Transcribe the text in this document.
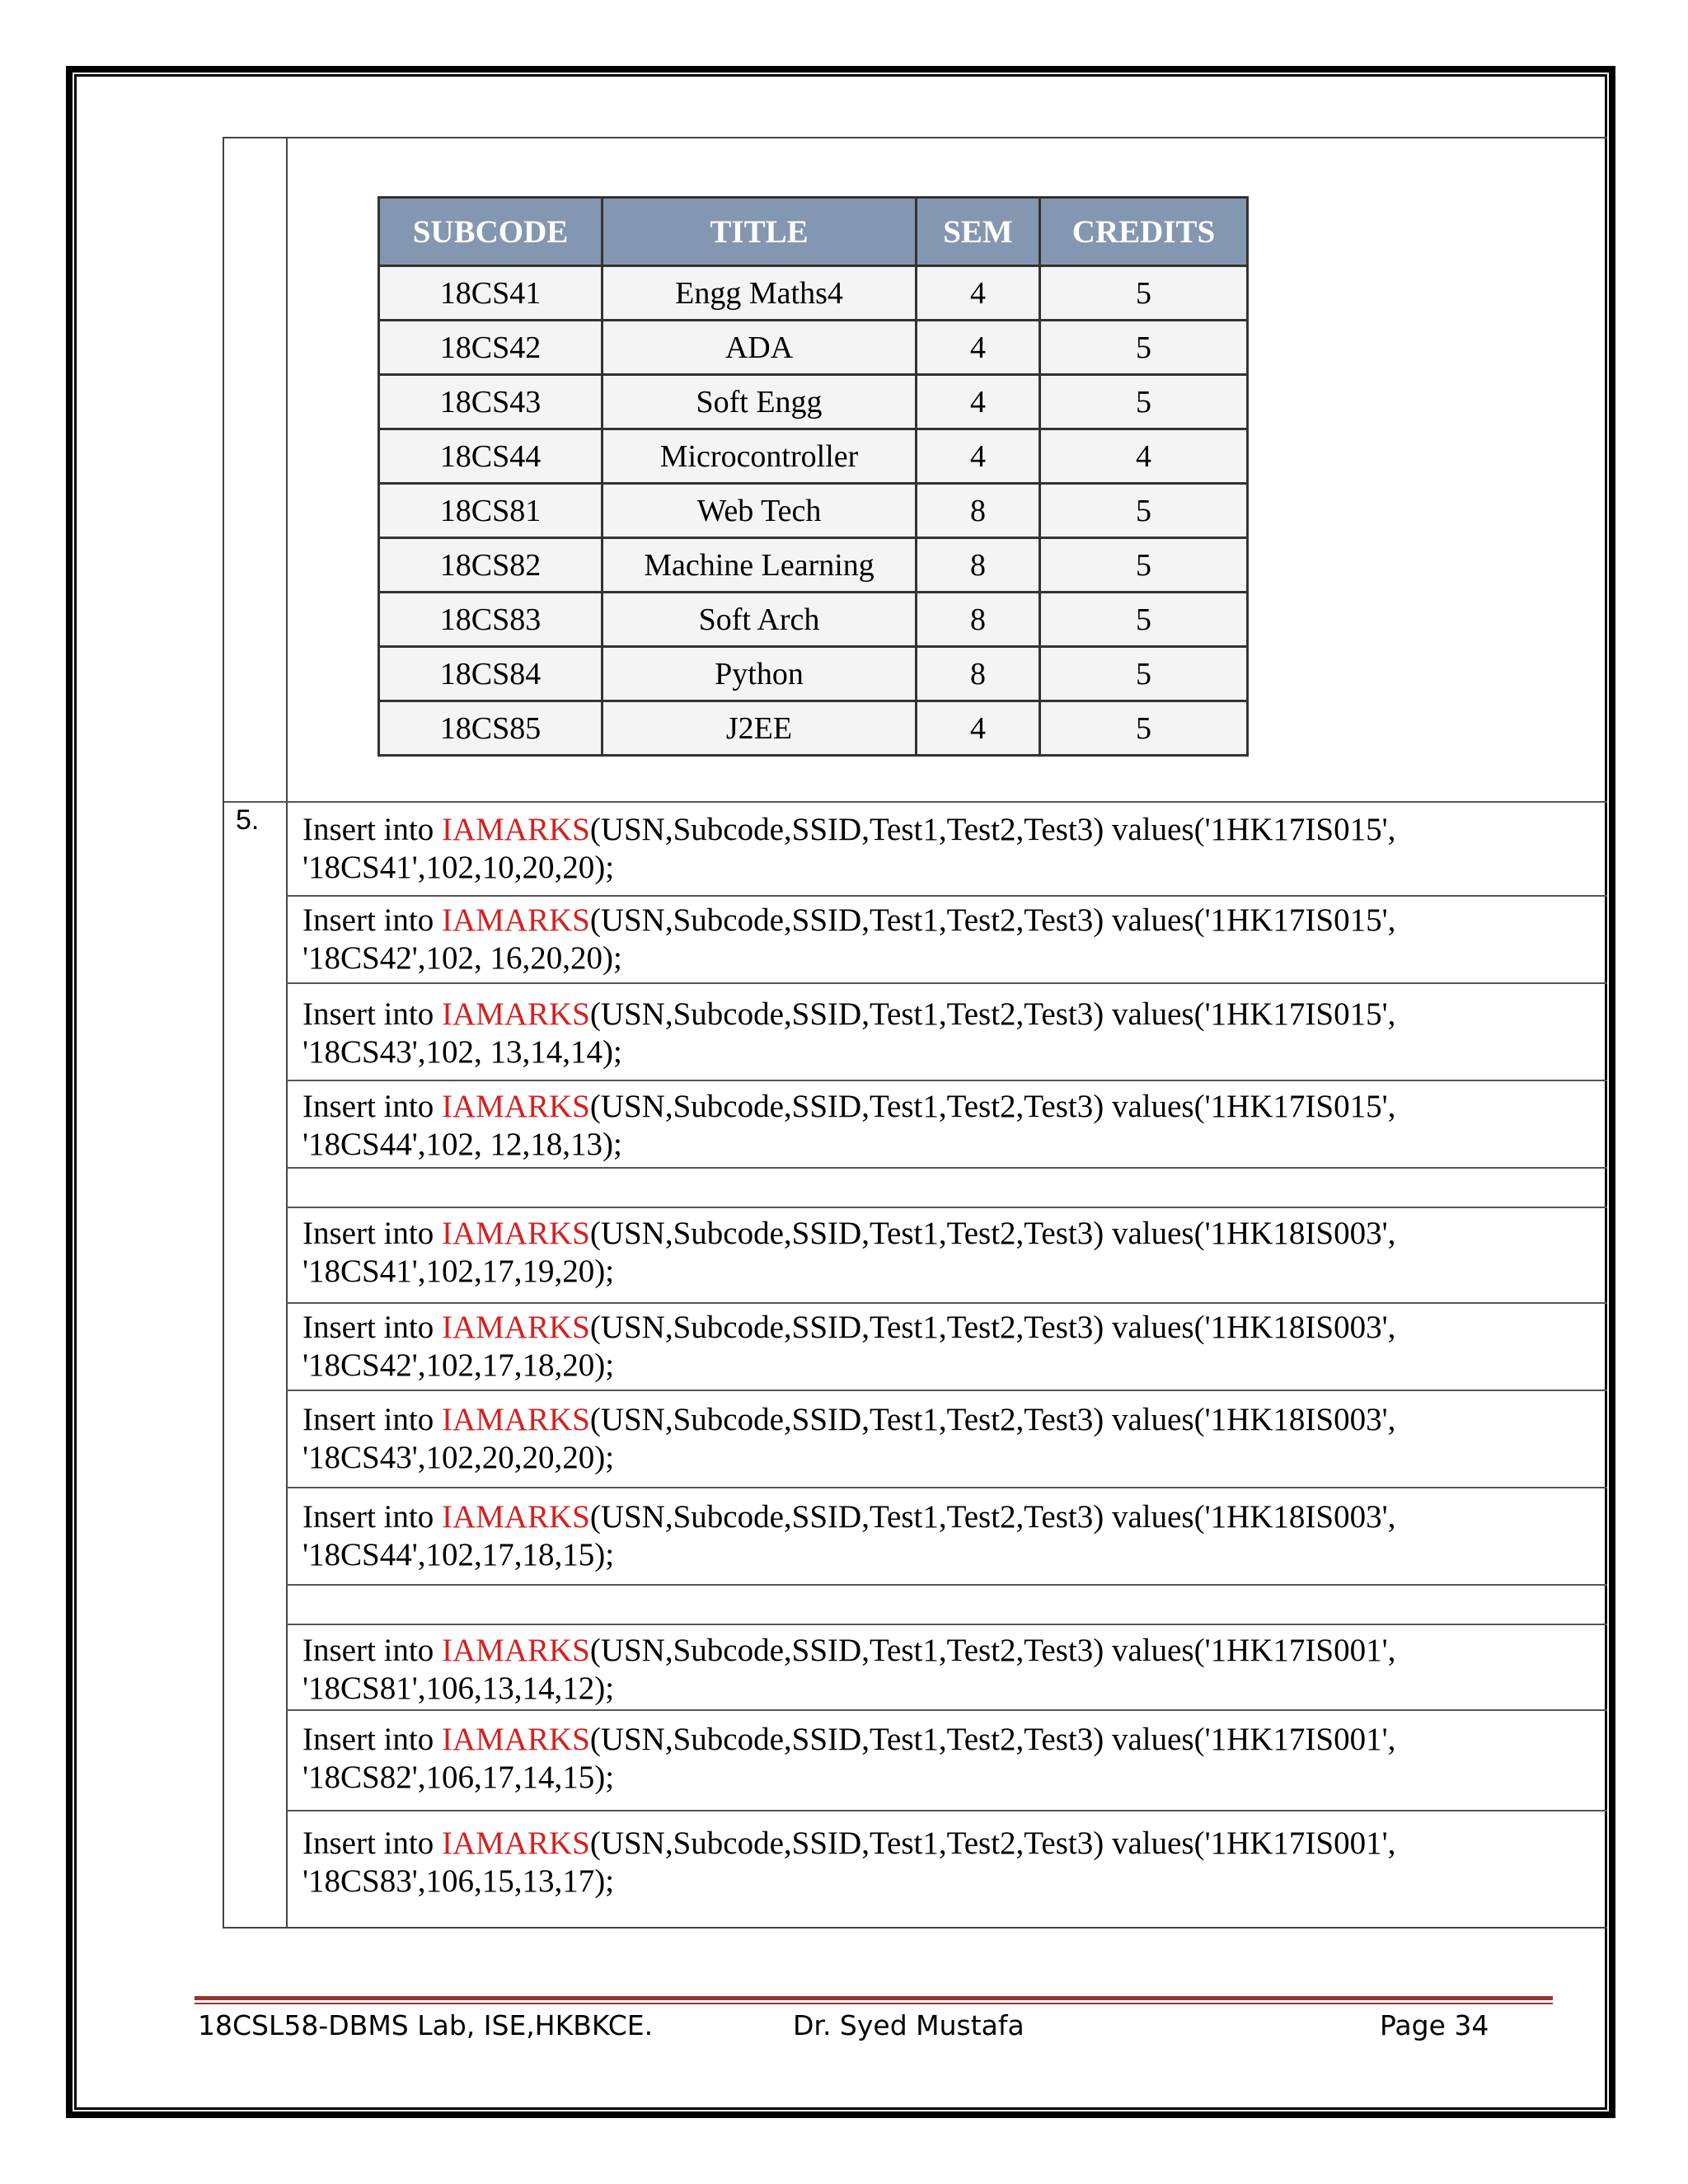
SUBCODE	TITLE	SEM	CREDITS
18CS41	Engg Maths4	4	5
18CS42	ADA	4	5
18CS43	Soft Engg	4	5
18CS44	Microcontroller	4	4
18CS81	Web Tech	8	5
18CS82	Machine Learning	8	5
18CS83	Soft Arch	8	5
18CS84	Python	8	5
18CS85	J2EE	4	5
5. Insert into IAMARKS(USN,Subcode,SSID,Test1,Test2,Test3) values('1HK17IS015',
'18CS41',102,10,20,20);
Insert into IAMARKS(USN,Subcode,SSID,Test1,Test2,Test3) values('1HK17IS015',
'18CS42',102, 16,20,20);
Insert into IAMARKS(USN,Subcode,SSID,Test1,Test2,Test3) values('1HK17IS015',
'18CS43',102, 13,14,14);
Insert into IAMARKS(USN,Subcode,SSID,Test1,Test2,Test3) values('1HK17IS015',
'18CS44',102, 12,18,13);
Insert into IAMARKS(USN,Subcode,SSID,Test1,Test2,Test3) values('1HK18IS003',
'18CS41',102,17,19,20);
Insert into IAMARKS(USN,Subcode,SSID,Test1,Test2,Test3) values('1HK18IS003',
'18CS42',102,17,18,20);
Insert into IAMARKS(USN,Subcode,SSID,Test1,Test2,Test3) values('1HK18IS003',
'18CS43',102,20,20,20);
Insert into IAMARKS(USN,Subcode,SSID,Test1,Test2,Test3) values('1HK18IS003',
'18CS44',102,17,18,15);
Insert into IAMARKS(USN,Subcode,SSID,Test1,Test2,Test3) values('1HK17IS001',
'18CS81',106,13,14,12);
Insert into IAMARKS(USN,Subcode,SSID,Test1,Test2,Test3) values('1HK17IS001',
'18CS82',106,17,14,15);
Insert into IAMARKS(USN,Subcode,SSID,Test1,Test2,Test3) values('1HK17IS001',
'18CS83',106,15,13,17);
18CSL58-DBMS Lab, ISE,HKBKCE.	Dr. Syed Mustafa	Page 34
